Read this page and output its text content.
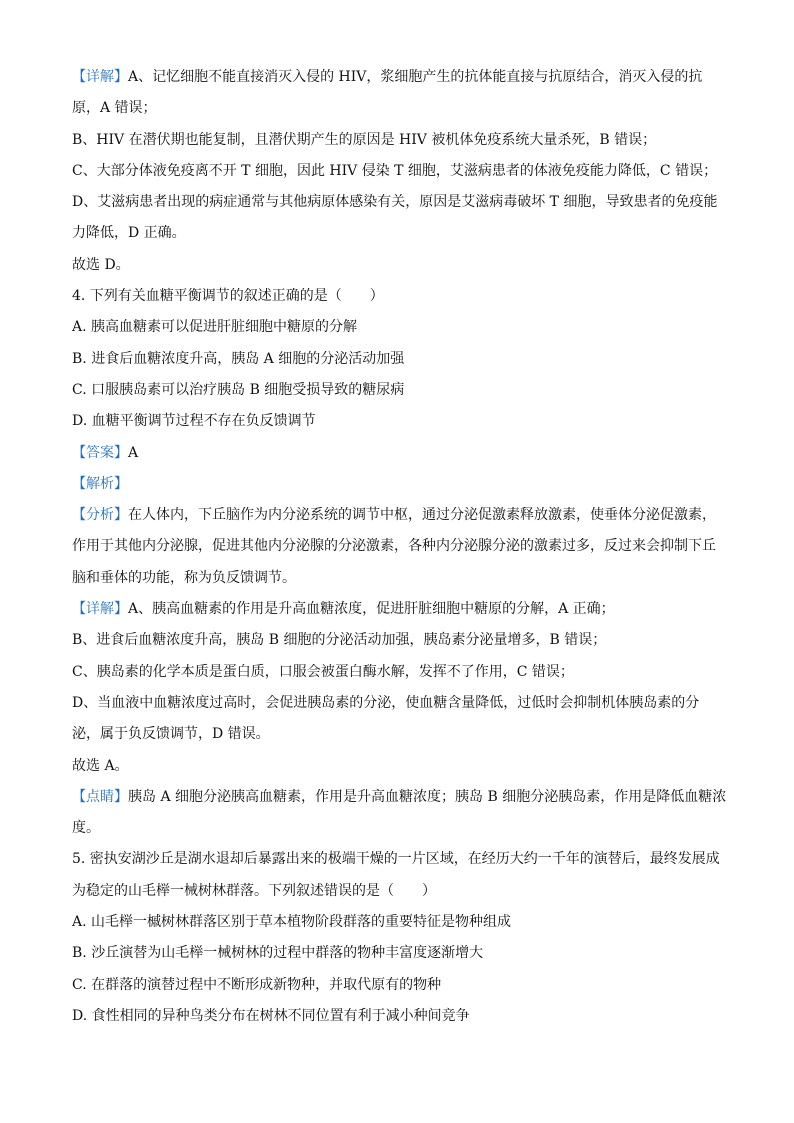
【详解】A、记忆细胞不能直接消灭入侵的 HIV，浆细胞产生的抗体能直接与抗原结合，消灭入侵的抗
原，A 错误；
B、HIV 在潜伏期也能复制，且潜伏期产生的原因是 HIV 被机体免疫系统大量杀死，B 错误；
C、大部分体液免疫离不开 T 细胞，因此 HIV 侵染 T 细胞，艾滋病患者的体液免疫能力降低，C 错误；
D、艾滋病患者出现的病症通常与其他病原体感染有关，原因是艾滋病毒破坏 T 细胞，导致患者的免疫能
力降低，D 正确。
故选 D。
4. 下列有关血糖平衡调节的叙述正确的是（　　）
A. 胰高血糖素可以促进肝脏细胞中糖原的分解
B. 进食后血糖浓度升高，胰岛 A 细胞的分泌活动加强
C. 口服胰岛素可以治疗胰岛 B 细胞受损导致的糖尿病
D. 血糖平衡调节过程不存在负反馈调节
【答案】A
【解析】
【分析】在人体内，下丘脑作为内分泌系统的调节中枢，通过分泌促激素释放激素，使垂体分泌促激素，
作用于其他内分泌腺，促进其他内分泌腺的分泌激素，各种内分泌腺分泌的激素过多，反过来会抑制下丘
脑和垂体的功能，称为负反馈调节。
【详解】A、胰高血糖素的作用是升高血糖浓度，促进肝脏细胞中糖原的分解，A 正确；
B、进食后血糖浓度升高，胰岛 B 细胞的分泌活动加强，胰岛素分泌量增多，B 错误；
C、胰岛素的化学本质是蛋白质，口服会被蛋白酶水解，发挥不了作用，C 错误；
D、当血液中血糖浓度过高时，会促进胰岛素的分泌，使血糖含量降低，过低时会抑制机体胰岛素的分
泌，属于负反馈调节，D 错误。
故选 A。
【点睛】胰岛 A 细胞分泌胰高血糖素，作用是升高血糖浓度；胰岛 B 细胞分泌胰岛素，作用是降低血糖浓
度。
5. 密执安湖沙丘是湖水退却后暴露出来的极端干燥的一片区域，在经历大约一千年的演替后，最终发展成
为稳定的山毛榉一械树林群落。下列叙述错误的是（　　）
A. 山毛榉一槭树林群落区别于草本植物阶段群落的重要特征是物种组成
B. 沙丘演替为山毛榉一械树林的过程中群落的物种丰富度逐渐增大
C. 在群落的演替过程中不断形成新物种，并取代原有的物种
D. 食性相同的异种鸟类分布在树林不同位置有利于减小种间竞争
